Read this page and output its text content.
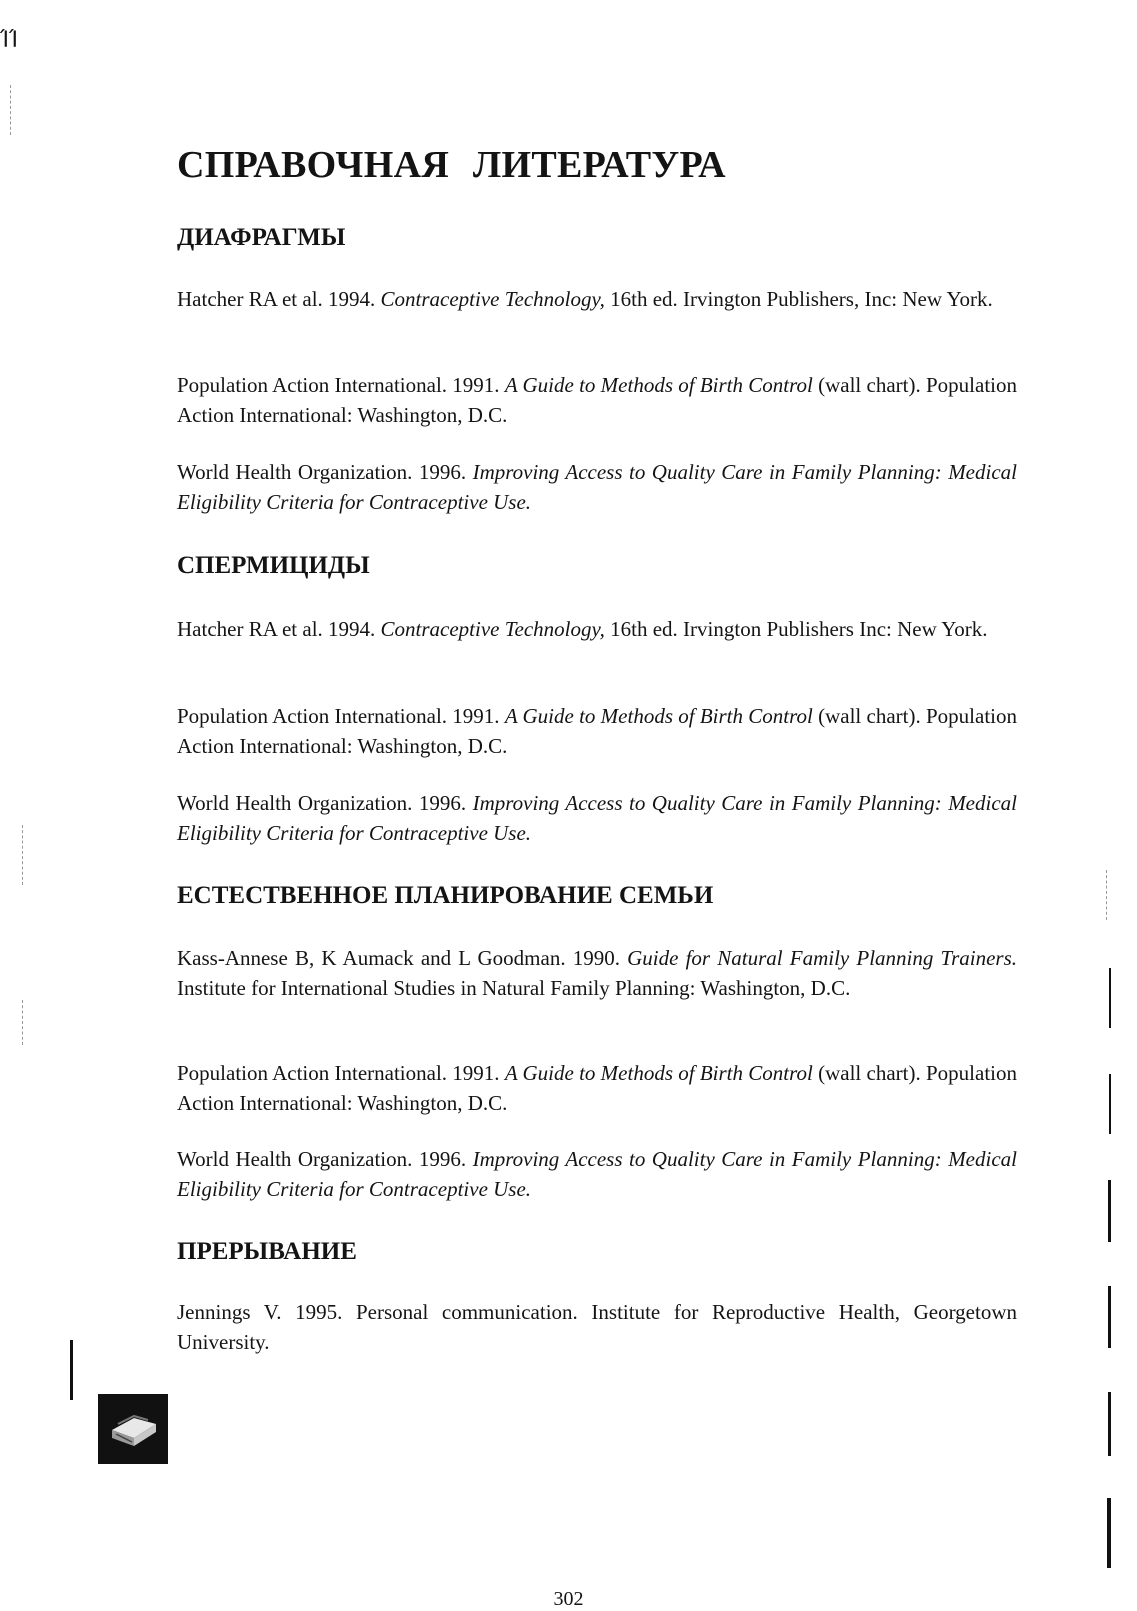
ΊΊ
СПРАВОЧНАЯ ЛИТЕРАТУРА
ДИАФРАГМЫ

Hatcher RA et al. 1994. Contraceptive Technology, 16th ed. Irvington Publishers, Inc: New York.

Population Action International. 1991. A Guide to Methods of Birth Control (wall chart). Population Action International: Washington, D.C.

World Health Organization. 1996. Improving Access to Quality Care in Family Planning: Medical Eligibility Criteria for Contraceptive Use.

СПЕРМИЦИДЫ

Hatcher RA et al. 1994. Contraceptive Technology, 16th ed. Irvington Publishers Inc: New York.

Population Action International. 1991. A Guide to Methods of Birth Control (wall chart). Population Action International: Washington, D.C.

World Health Organization. 1996. Improving Access to Quality Care in Family Planning: Medical Eligibility Criteria for Contraceptive Use.

ЕСТЕСТВЕННОЕ ПЛАНИРОВАНИЕ СЕМЬИ

Kass-Annese B, K Aumack and L Goodman. 1990. Guide for Natural Family Planning Trainers. Institute for International Studies in Natural Family Planning: Washington, D.C.

Population Action International. 1991. A Guide to Methods of Birth Control (wall chart). Population Action International: Washington, D.C.

World Health Organization. 1996. Improving Access to Quality Care in Family Planning: Medical Eligibility Criteria for Contraceptive Use.

ПРЕРЫВАНИЕ

Jennings V. 1995. Personal communication. Institute for Reproductive Health, Georgetown University.

302
